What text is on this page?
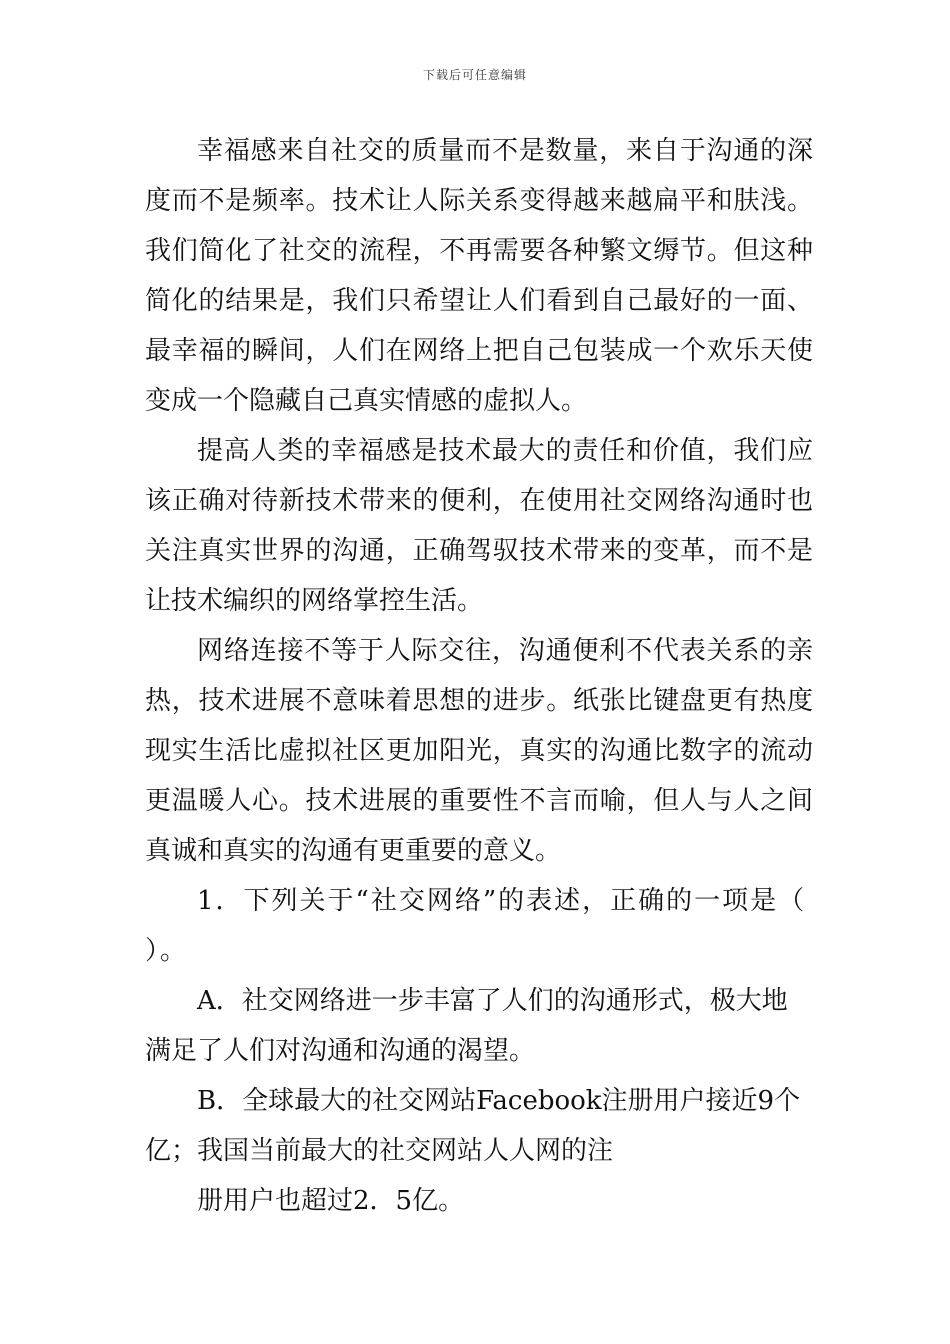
下载后可任意编辑

幸福感来自社交的质量而不是数量，来自于沟通的深度而不是频率。技术让人际关系变得越来越扁平和肤浅。我们简化了社交的流程，不再需要各种繁文缛节。但这种简化的结果是，我们只希望让人们看到自己最好的一面、最幸福的瞬间，人们在网络上把自己包装成一个欢乐天使变成一个隐藏自己真实情感的虚拟人。

提高人类的幸福感是技术最大的责任和价值，我们应该正确对待新技术带来的便利，在使用社交网络沟通时也关注真实世界的沟通，正确驾驭技术带来的变革，而不是让技术编织的网络掌控生活。

网络连接不等于人际交往，沟通便利不代表关系的亲热，技术进展不意味着思想的进步。纸张比键盘更有热度现实生活比虚拟社区更加阳光，真实的沟通比数字的流动更温暖人心。技术进展的重要性不言而喻，但人与人之间真诚和真实的沟通有更重要的意义。

1．下列关于“社交网络”的表述，正确的一项是（ ）。

A．社交网络进一步丰富了人们的沟通形式，极大地满足了人们对沟通和沟通的渴望。

B．全球最大的社交网站Facebook注册用户接近9个亿；我国当前最大的社交网站人人网的注

册用户也超过2．5亿。
